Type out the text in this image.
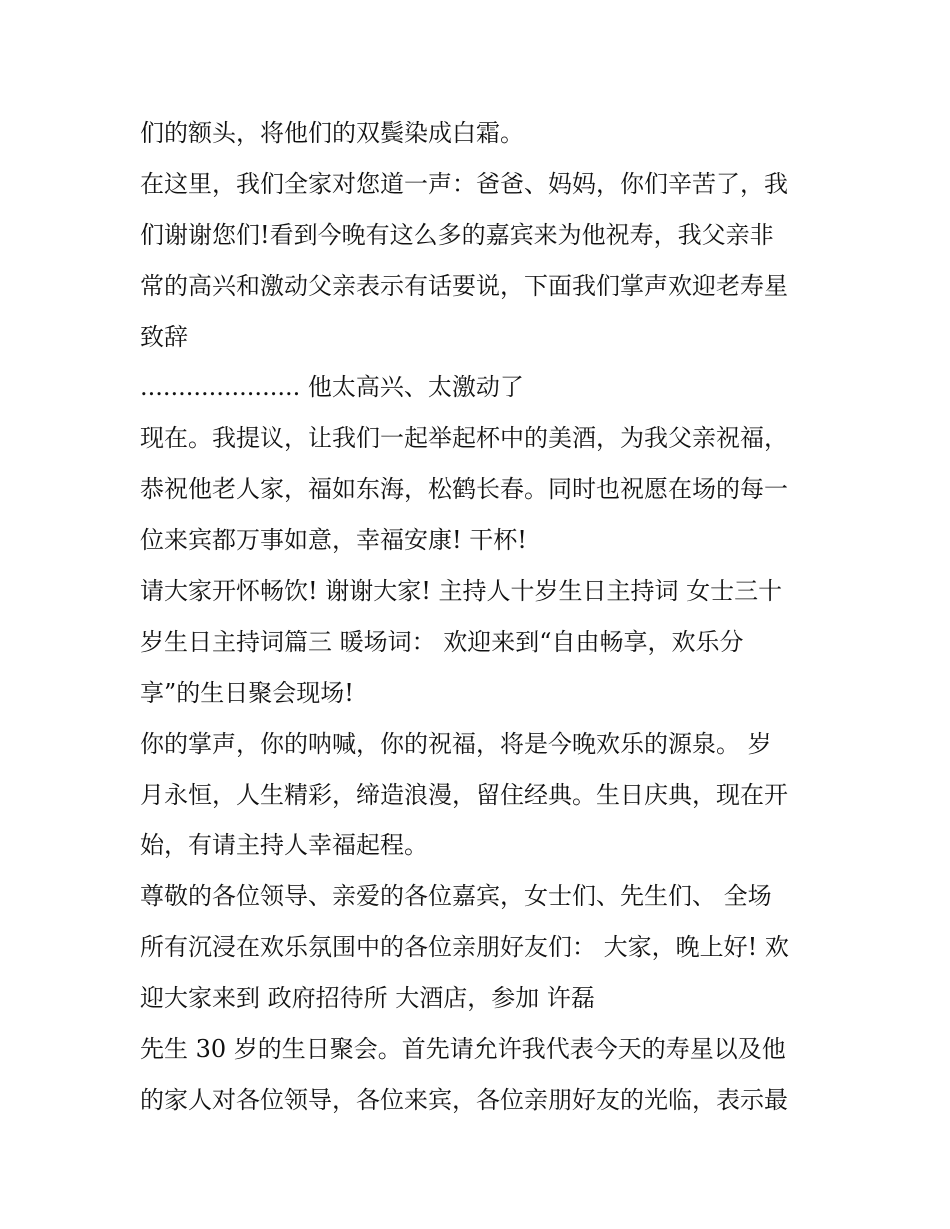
们的额头，将他们的双鬓染成白霜。
在这里，我们全家对您道一声：爸爸、妈妈，你们辛苦了，我
们谢谢您们!看到今晚有这么多的嘉宾来为他祝寿，我父亲非
常的高兴和激动父亲表示有话要说，下面我们掌声欢迎老寿星
致辞
..................... 他太高兴、太激动了
现在。我提议，让我们一起举起杯中的美酒，为我父亲祝福，
恭祝他老人家，福如东海，松鹤长春。同时也祝愿在场的每一
位来宾都万事如意，幸福安康! 干杯!
请大家开怀畅饮! 谢谢大家! 主持人十岁生日主持词 女士三十
岁生日主持词篇三 暖场词： 欢迎来到“自由畅享，欢乐分
享”的生日聚会现场!
你的掌声，你的呐喊，你的祝福，将是今晚欢乐的源泉。 岁
月永恒，人生精彩，缔造浪漫，留住经典。生日庆典，现在开
始，有请主持人幸福起程。
尊敬的各位领导、亲爱的各位嘉宾，女士们、先生们、 全场
所有沉浸在欢乐氛围中的各位亲朋好友们： 大家，晚上好! 欢
迎大家来到 政府招待所 大酒店，参加 许磊
先生 30 岁的生日聚会。首先请允许我代表今天的寿星以及他
的家人对各位领导，各位来宾，各位亲朋好友的光临，表示最
